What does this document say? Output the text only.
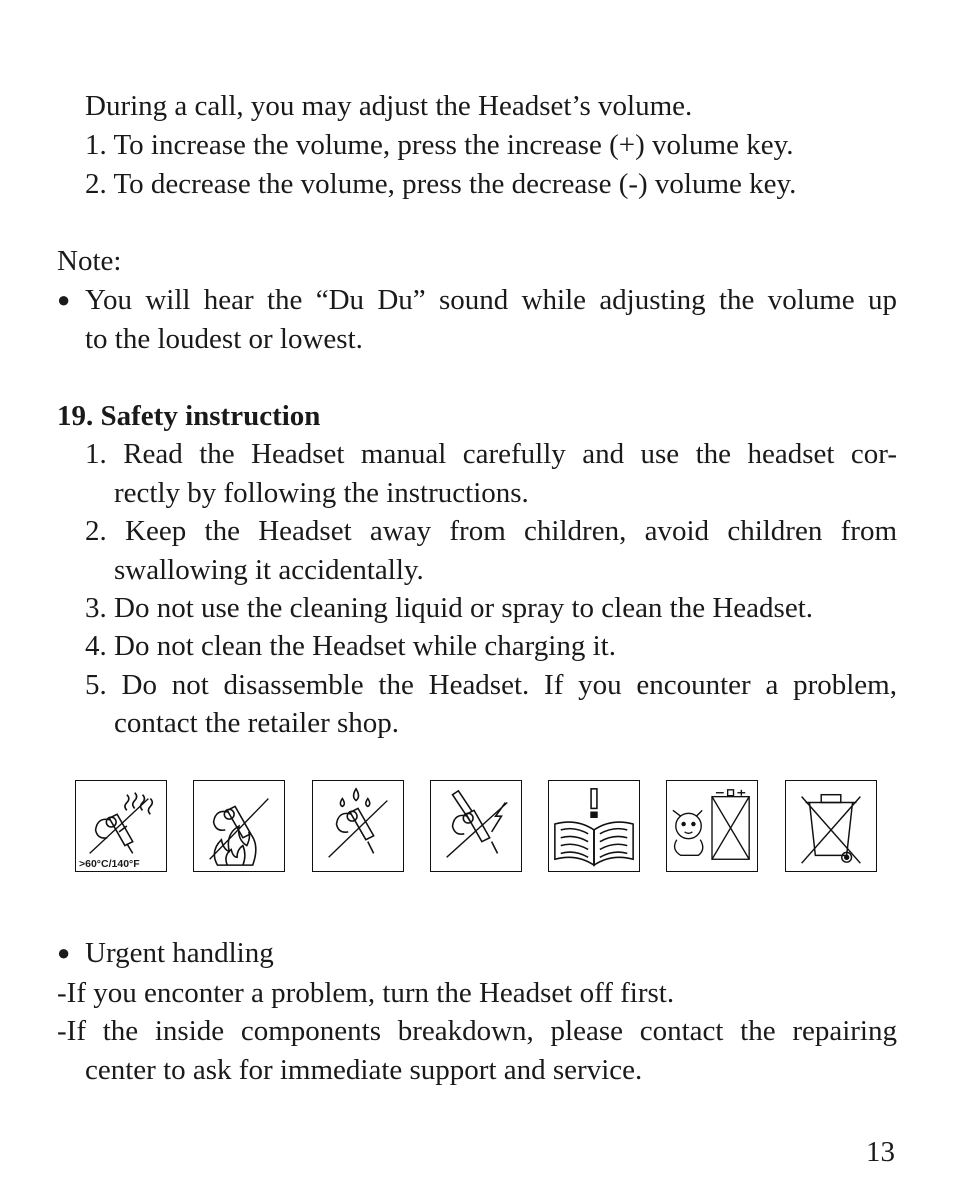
During a call, you may adjust the Headset’s volume.
1. To increase the volume, press the increase (+) volume key.
2. To decrease the volume, press the decrease (-) volume key.
Note:
● You will hear the “Du Du” sound while adjusting the volume up
to the loudest or lowest.
19. Safety instruction
1. Read the Headset manual carefully and use the headset cor-
rectly by following the instructions.
2. Keep the Headset away from children, avoid children from
swallowing it accidentally.
3. Do not use the cleaning liquid or spray to clean the Headset.
4. Do not clean the Headset while charging it.
5. Do not disassemble the Headset. If you encounter a problem,
contact the retailer shop.
>60°C/140°F
● Urgent handling
-If you enconter a problem, turn the Headset off first.
-If the inside components breakdown, please contact the repairing
center to ask for immediate support and service.
13
